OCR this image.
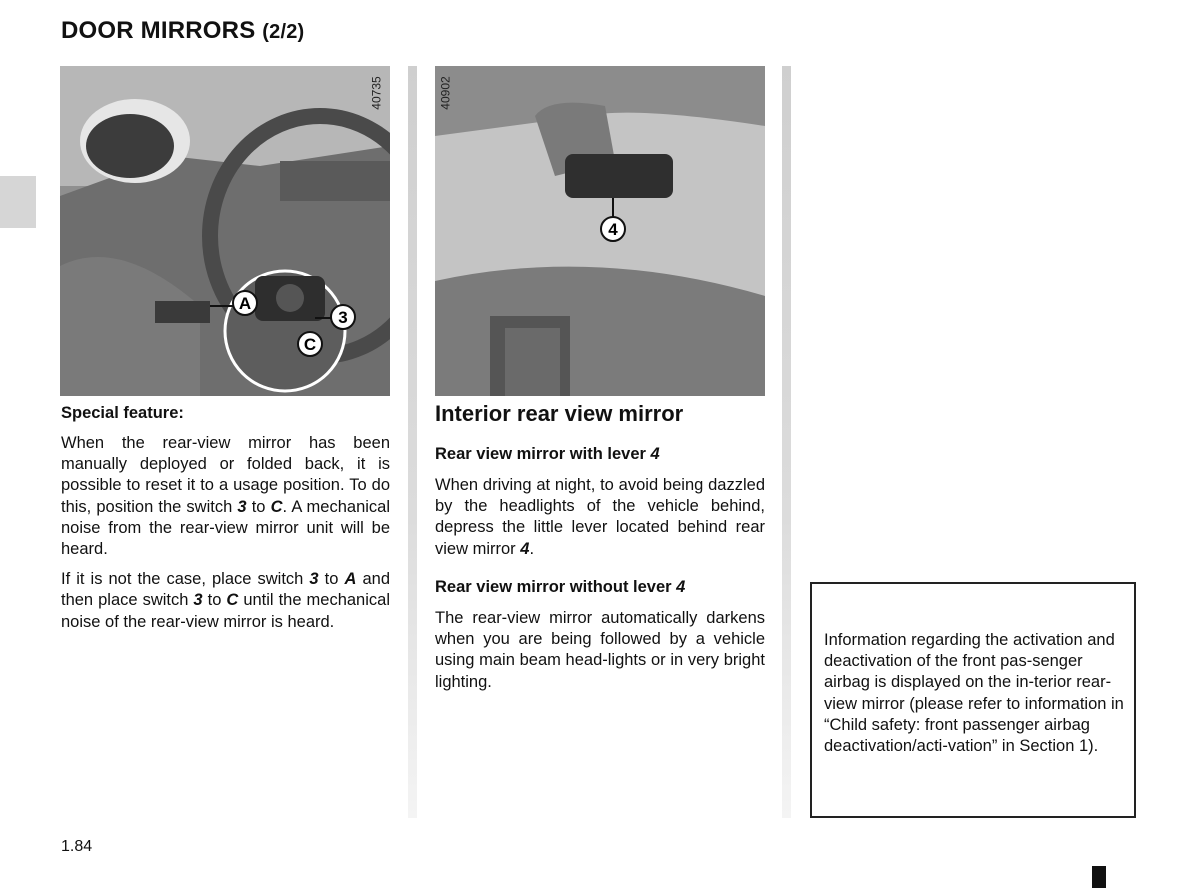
DOOR MIRRORS (2/2)
A
3
C
40735
4
40902
Special feature:

When the rear-view mirror has been manually deployed or folded back, it is possible to reset it to a usage position. To do this, position the switch 3 to C. A mechanical noise from the rear-view mirror unit will be heard.

If it is not the case, place switch 3 to A and then place switch 3 to C until the mechanical noise of the rear-view mirror is heard.

Interior rear view mirror
Rear view mirror with lever 4

When driving at night, to avoid being dazzled by the headlights of the vehicle behind, depress the little lever located behind rear view mirror 4.

Rear view mirror without lever 4

The rear-view mirror automatically darkens when you are being followed by a vehicle using main beam head-lights or in very bright lighting.

Information regarding the activation and deactivation of the front pas-senger airbag is displayed on the in-terior rear-view mirror (please refer to information in “Child safety: front passenger airbag deactivation/acti-vation” in Section 1).

1.84
